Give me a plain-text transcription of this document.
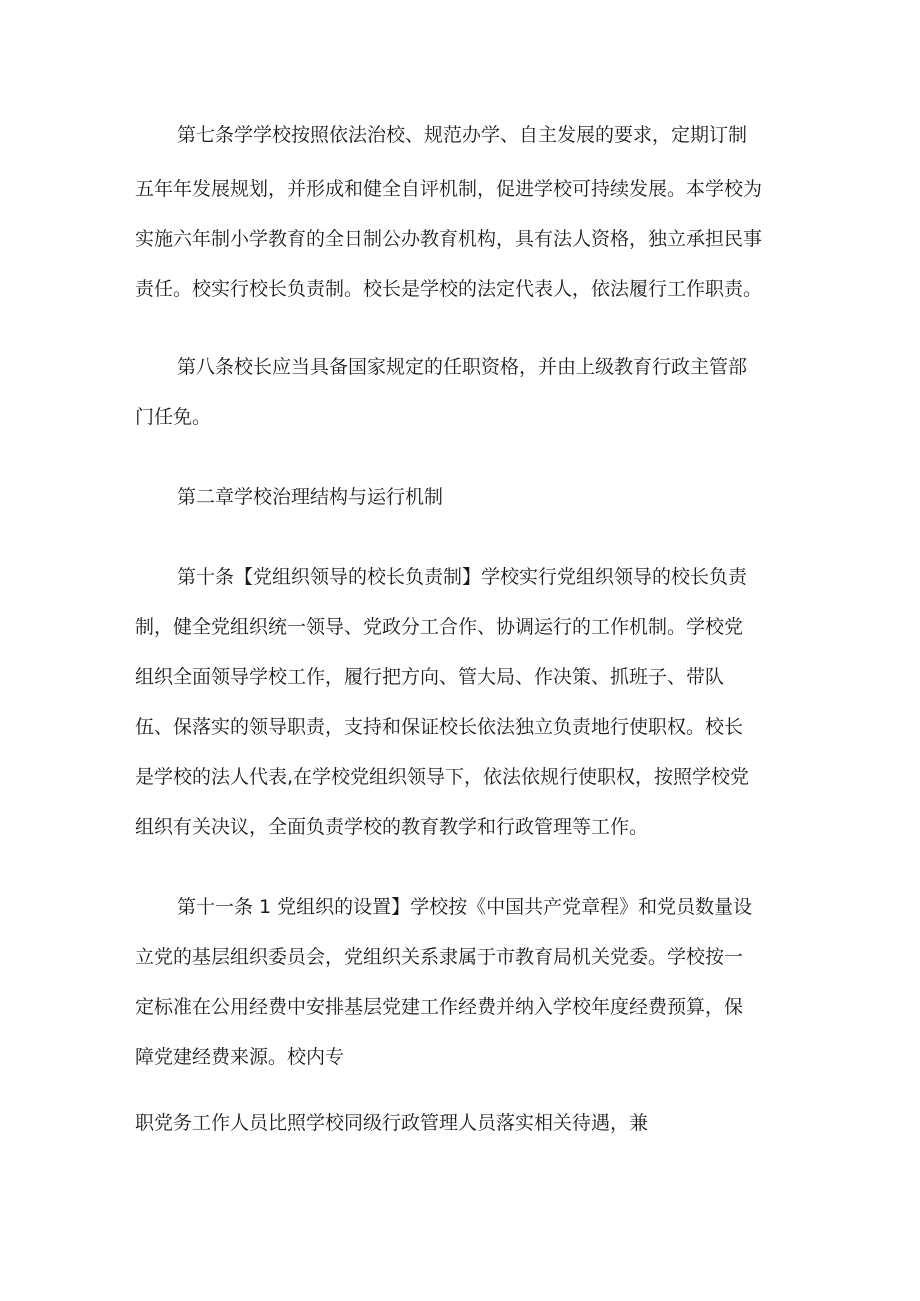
第七条学学校按照依法治校、规范办学、自主发展的要求，定期订制
五年年发展规划，并形成和健全自评机制，促进学校可持续发展。本学校为
实施六年制小学教育的全日制公办教育机构，具有法人资格，独立承担民事
责任。校实行校长负责制。校长是学校的法定代表人，依法履行工作职责。
第八条校长应当具备国家规定的任职资格，并由上级教育行政主管部
门任免。
第二章学校治理结构与运行机制
第十条【党组织领导的校长负责制】学校实行党组织领导的校长负责
制，健全党组织统一领导、党政分工合作、协调运行的工作机制。学校党
组织全面领导学校工作，履行把方向、管大局、作决策、抓班子、带队
伍、保落实的领导职责，支持和保证校长依法独立负责地行使职权。校长
是学校的法人代表,在学校党组织领导下，依法依规行使职权，按照学校党
组织有关决议，全面负责学校的教育教学和行政管理等工作。
第十一条 1 党组织的设置】学校按《中国共产党章程》和党员数量设
立党的基层组织委员会，党组织关系隶属于市教育局机关党委。学校按一
定标准在公用经费中安排基层党建工作经费并纳入学校年度经费预算，保
障党建经费来源。校内专
职党务工作人员比照学校同级行政管理人员落实相关待遇，兼
